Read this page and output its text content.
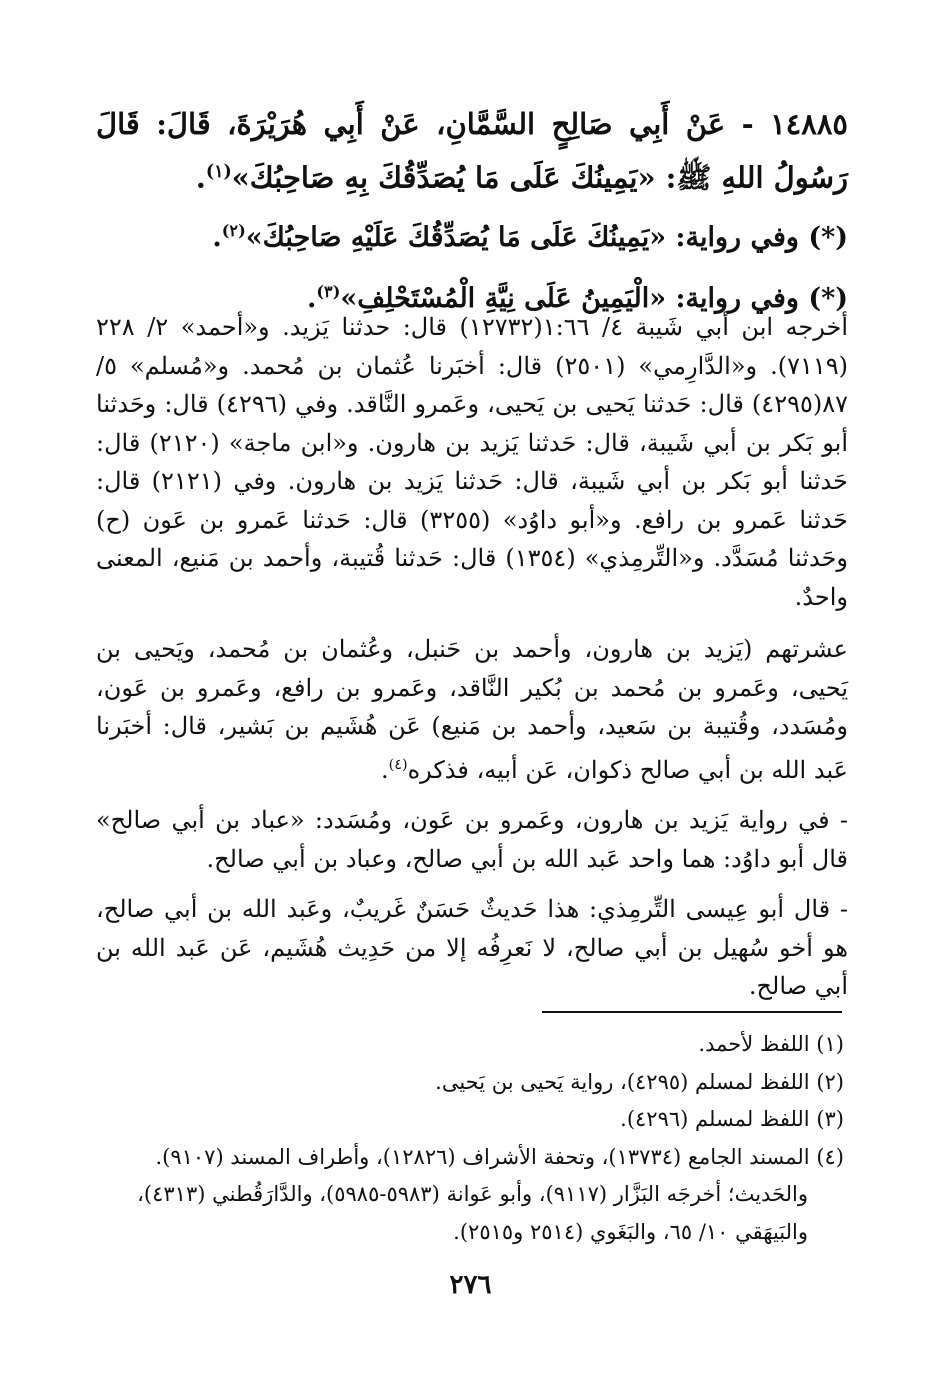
١٤٨٨٥ - عَنْ أَبِي صَالِحٍ السَّمَّانِ، عَنْ أَبِي هُرَيْرَةَ، قَالَ: قَالَ رَسُولُ اللهِ ﷺ: «يَمِينُكَ عَلَى مَا يُصَدِّقُكَ بِهِ صَاحِبُكَ»$^{(١)}$.

(*) وفي رواية: «يَمِينُكَ عَلَى مَا يُصَدِّقُكَ عَلَيْهِ صَاحِبُكَ»$^{(٢)}$.

(*) وفي رواية: «الْيَمِينُ عَلَى نِيَّةِ الْمُسْتَحْلِفِ»$^{(٣)}$.

أخرجه ابن أبي شَيبة ٤/ ١:٦٦(١٢٧٣٢) قال: حدثنا يَزيد. و«أحمد» ٢/ ٢٢٨ (٧١١٩). و«الدَّارِمي» (٢٥٠١) قال: أخبَرنا عُثمان بن مُحمد. و«مُسلم» ٥/ ٨٧(٤٢٩٥) قال: حَدثنا يَحيى بن يَحيى، وعَمرو النَّاقد. وفي (٤٢٩٦) قال: وحَدثنا أبو بَكر بن أبي شَيبة، قال: حَدثنا يَزيد بن هارون. و«ابن ماجة» (٢١٢٠) قال: حَدثنا أبو بَكر بن أبي شَيبة، قال: حَدثنا يَزيد بن هارون. وفي (٢١٢١) قال: حَدثنا عَمرو بن رافع. و«أبو داوُد» (٣٢٥٥) قال: حَدثنا عَمرو بن عَون (ح) وحَدثنا مُسَدَّد. و«التِّرمِذي» (١٣٥٤) قال: حَدثنا قُتيبة، وأحمد بن مَنيع، المعنى واحدٌ.

عشرتهم (يَزيد بن هارون، وأحمد بن حَنبل، وعُثمان بن مُحمد، ويَحيى بن يَحيى، وعَمرو بن مُحمد بن بُكير النَّاقد، وعَمرو بن رافع، وعَمرو بن عَون، ومُسَدد، وقُتيبة بن سَعيد، وأحمد بن مَنيع) عَن هُشَيم بن بَشير، قال: أخبَرنا عَبد الله بن أبي صالح ذكوان، عَن أبيه، فذكره$^{(٤)}$.

- في رواية يَزيد بن هارون، وعَمرو بن عَون، ومُسَدد: «عباد بن أبي صالح» قال أبو داوُد: هما واحد عَبد الله بن أبي صالح، وعباد بن أبي صالح.

- قال أبو عِيسى التِّرمِذي: هذا حَديثٌ حَسَنٌ غَريبٌ، وعَبد الله بن أبي صالح، هو أخو سُهيل بن أبي صالح، لا نَعرِفُه إلا من حَدِيث هُشَيم، عَن عَبد الله بن أبي صالح.

(١) اللفظ لأحمد.

(٢) اللفظ لمسلم (٤٢٩٥)، رواية يَحيى بن يَحيى.

(٣) اللفظ لمسلم (٤٢٩٦).

(٤) المسند الجامع (١٣٧٣٤)، وتحفة الأشراف (١٢٨٢٦)، وأطراف المسند (٩١٠٧).

والحَديث؛ أخرجَه البَزَّار (٩١١٧)، وأبو عَوانة (٥٩٨٣-٥٩٨٥)، والدَّارَقُطني (٤٣١٣)،

والبَيهَقي ١٠/ ٦٥، والبَغَوي (٢٥١٤ و٢٥١٥).

٢٧٦
